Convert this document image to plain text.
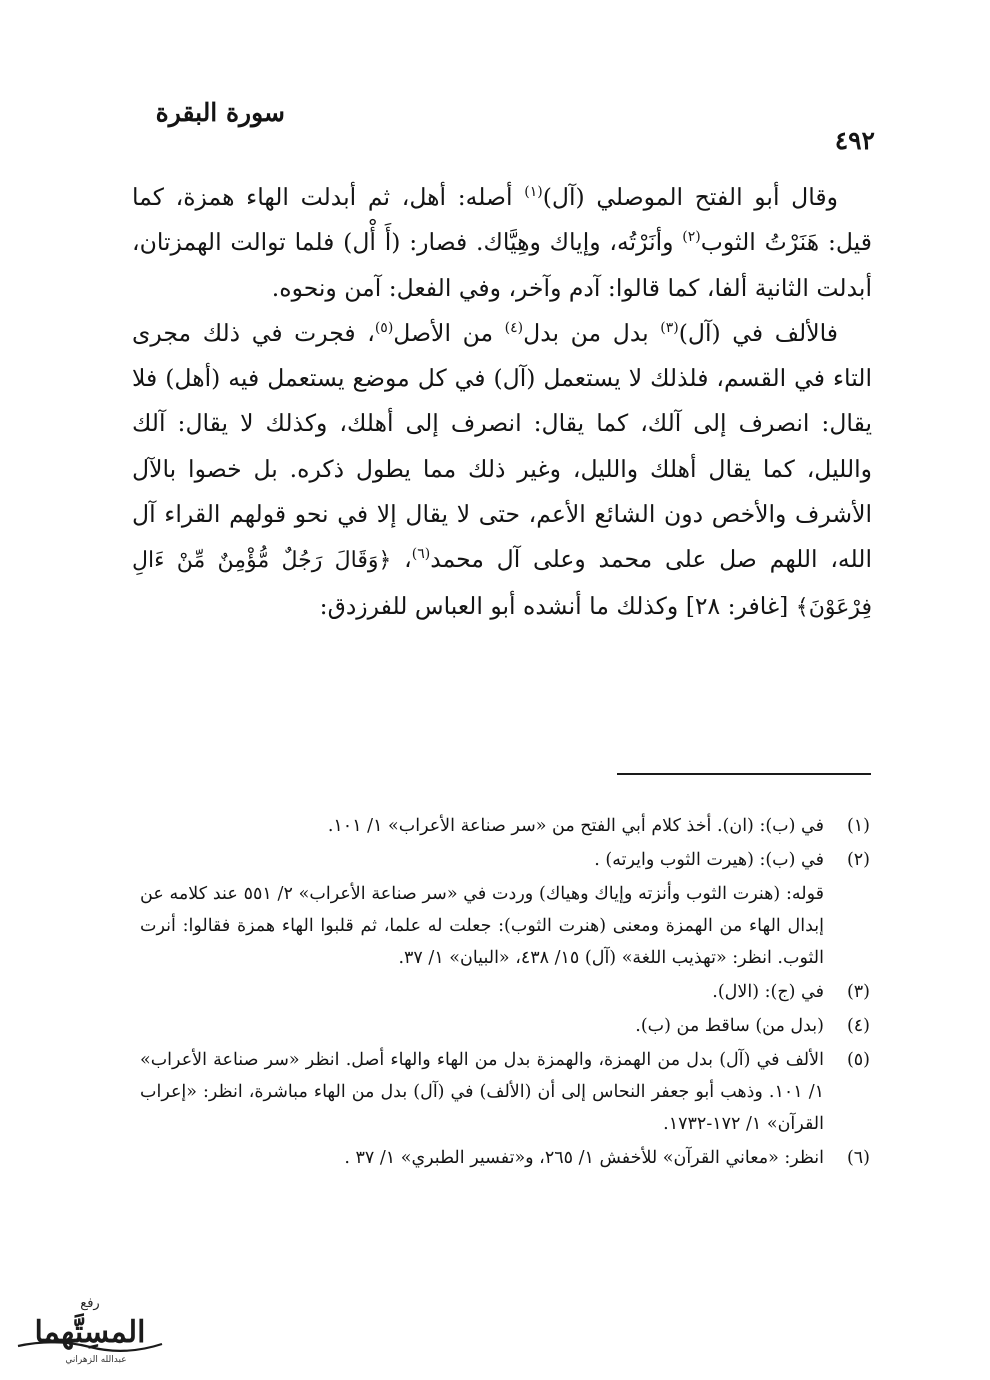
سورة البقرة
٤٩٢

وقال أبو الفتح الموصلي (آل)$^{(١)}$ أصله: أهل، ثم أبدلت الهاء همزة، كما قيل: هَنَرْتُ الثوب$^{(٢)}$ وأنَرْتُه، وإياك وهِيَّاك. فصار: (أَ أْل) فلما توالت الهمزتان، أبدلت الثانية ألفا، كما قالوا: آدم وآخر، وفي الفعل: آمن ونحوه.

فالألف في (آل)$^{(٣)}$ بدل من بدل$^{(٤)}$ من الأصل$^{(٥)}$، فجرت في ذلك مجرى التاء في القسم، فلذلك لا يستعمل (آل) في كل موضع يستعمل فيه (أهل) فلا يقال: انصرف إلى آلك، كما يقال: انصرف إلى أهلك، وكذلك لا يقال: آلك والليل، كما يقال أهلك والليل، وغير ذلك مما يطول ذكره. بل خصوا بالآل الأشرف والأخص دون الشائع الأعم، حتى لا يقال إلا في نحو قولهم القراء آل الله، اللهم صل على محمد وعلى آل محمد$^{(٦)}$، ﴿وَقَالَ رَجُلٌ مُّؤْمِنٌ مِّنْ ءَالِ فِرْعَوْنَ﴾ [غافر: ٢٨] وكذلك ما أنشده أبو العباس للفرزدق:

(١)
في (ب): (ان). أخذ كلام أبي الفتح من «سر صناعة الأعراب» ١/ ١٠١.
(٢)
في (ب): (هيرت الثوب وايرته) .
قوله: (هنرت الثوب وأنزته وإياك وهياك) وردت في «سر صناعة الأعراب» ٢/ ٥٥١ عند كلامه عن إبدال الهاء من الهمزة ومعنى (هنرت الثوب): جعلت له علما، ثم قلبوا الهاء همزة فقالوا: أنرت الثوب. انظر: «تهذيب اللغة» (آل) ١٥/ ٤٣٨، «البيان» ١/ ٣٧.
(٣)
في (ج): (الال).
(٤)
(بدل من) ساقط من (ب).
(٥)
الألف في (آل) بدل من الهمزة، والهمزة بدل من الهاء والهاء أصل. انظر «سر صناعة الأعراب» ١/ ١٠١. وذهب أبو جعفر النحاس إلى أن (الألف) في (آل) بدل من الهاء مباشرة، انظر: «إعراب القرآن» ١/ ١٧٢-١٧٣٢.
(٦)
انظر: «معاني القرآن» للأخفش ١/ ٢٦٥، و«تفسير الطبري» ١/ ٣٧ .
رفع
المسِتَّهما
عبدالله الزهراني
